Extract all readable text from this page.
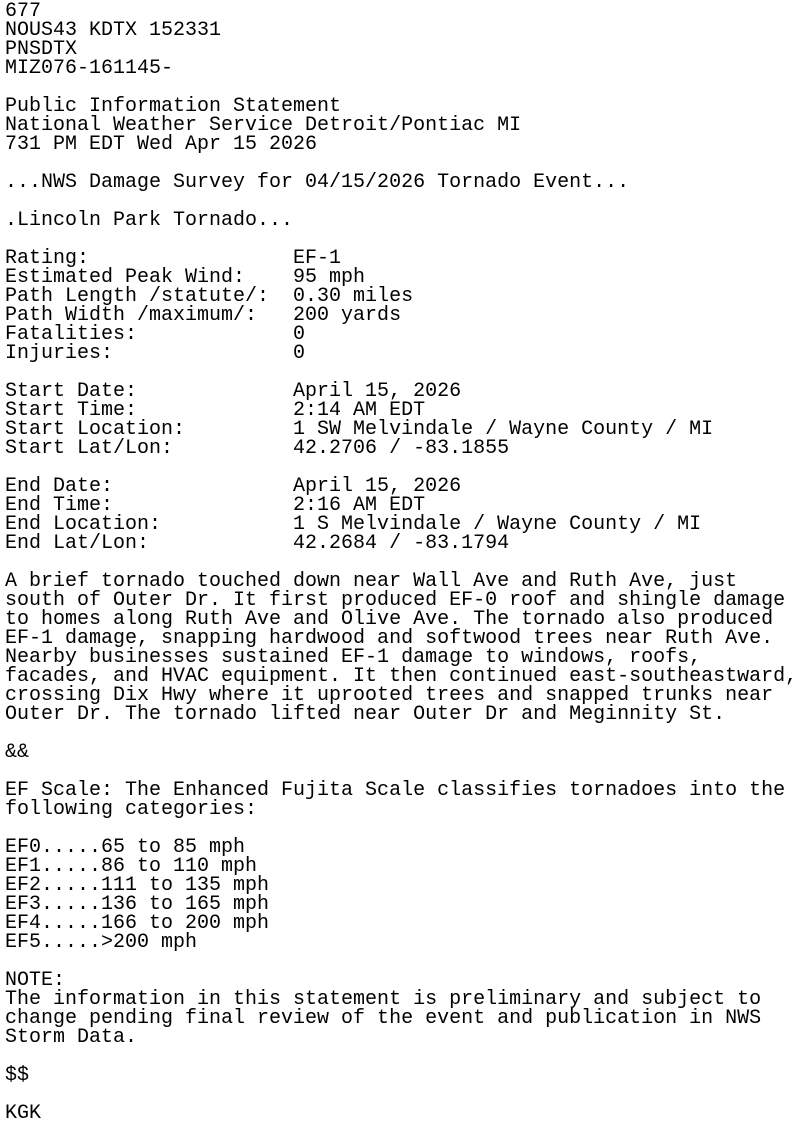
677
NOUS43 KDTX 152331
PNSDTX
MIZ076-161145-
Public Information Statement
National Weather Service Detroit/Pontiac MI
731 PM EDT Wed Apr 15 2026
...NWS Damage Survey for 04/15/2026 Tornado Event...
.Lincoln Park Tornado...
Rating:                 EF-1
Estimated Peak Wind:    95 mph
Path Length /statute/:  0.30 miles
Path Width /maximum/:   200 yards
Fatalities:             0
Injuries:               0
Start Date:             April 15, 2026
Start Time:             2:14 AM EDT
Start Location:         1 SW Melvindale / Wayne County / MI
Start Lat/Lon:          42.2706 / -83.1855
End Date:               April 15, 2026
End Time:               2:16 AM EDT
End Location:           1 S Melvindale / Wayne County / MI
End Lat/Lon:            42.2684 / -83.1794
A brief tornado touched down near Wall Ave and Ruth Ave, just
south of Outer Dr. It first produced EF-0 roof and shingle damage
to homes along Ruth Ave and Olive Ave. The tornado also produced
EF-1 damage, snapping hardwood and softwood trees near Ruth Ave.
Nearby businesses sustained EF-1 damage to windows, roofs,
facades, and HVAC equipment. It then continued east-southeastward,
crossing Dix Hwy where it uprooted trees and snapped trunks near
Outer Dr. The tornado lifted near Outer Dr and Meginnity St.
&&
EF Scale: The Enhanced Fujita Scale classifies tornadoes into the
following categories:
EF0.....65 to 85 mph
EF1.....86 to 110 mph
EF2.....111 to 135 mph
EF3.....136 to 165 mph
EF4.....166 to 200 mph
EF5.....>200 mph
NOTE:
The information in this statement is preliminary and subject to
change pending final review of the event and publication in NWS
Storm Data.
$$
KGK
